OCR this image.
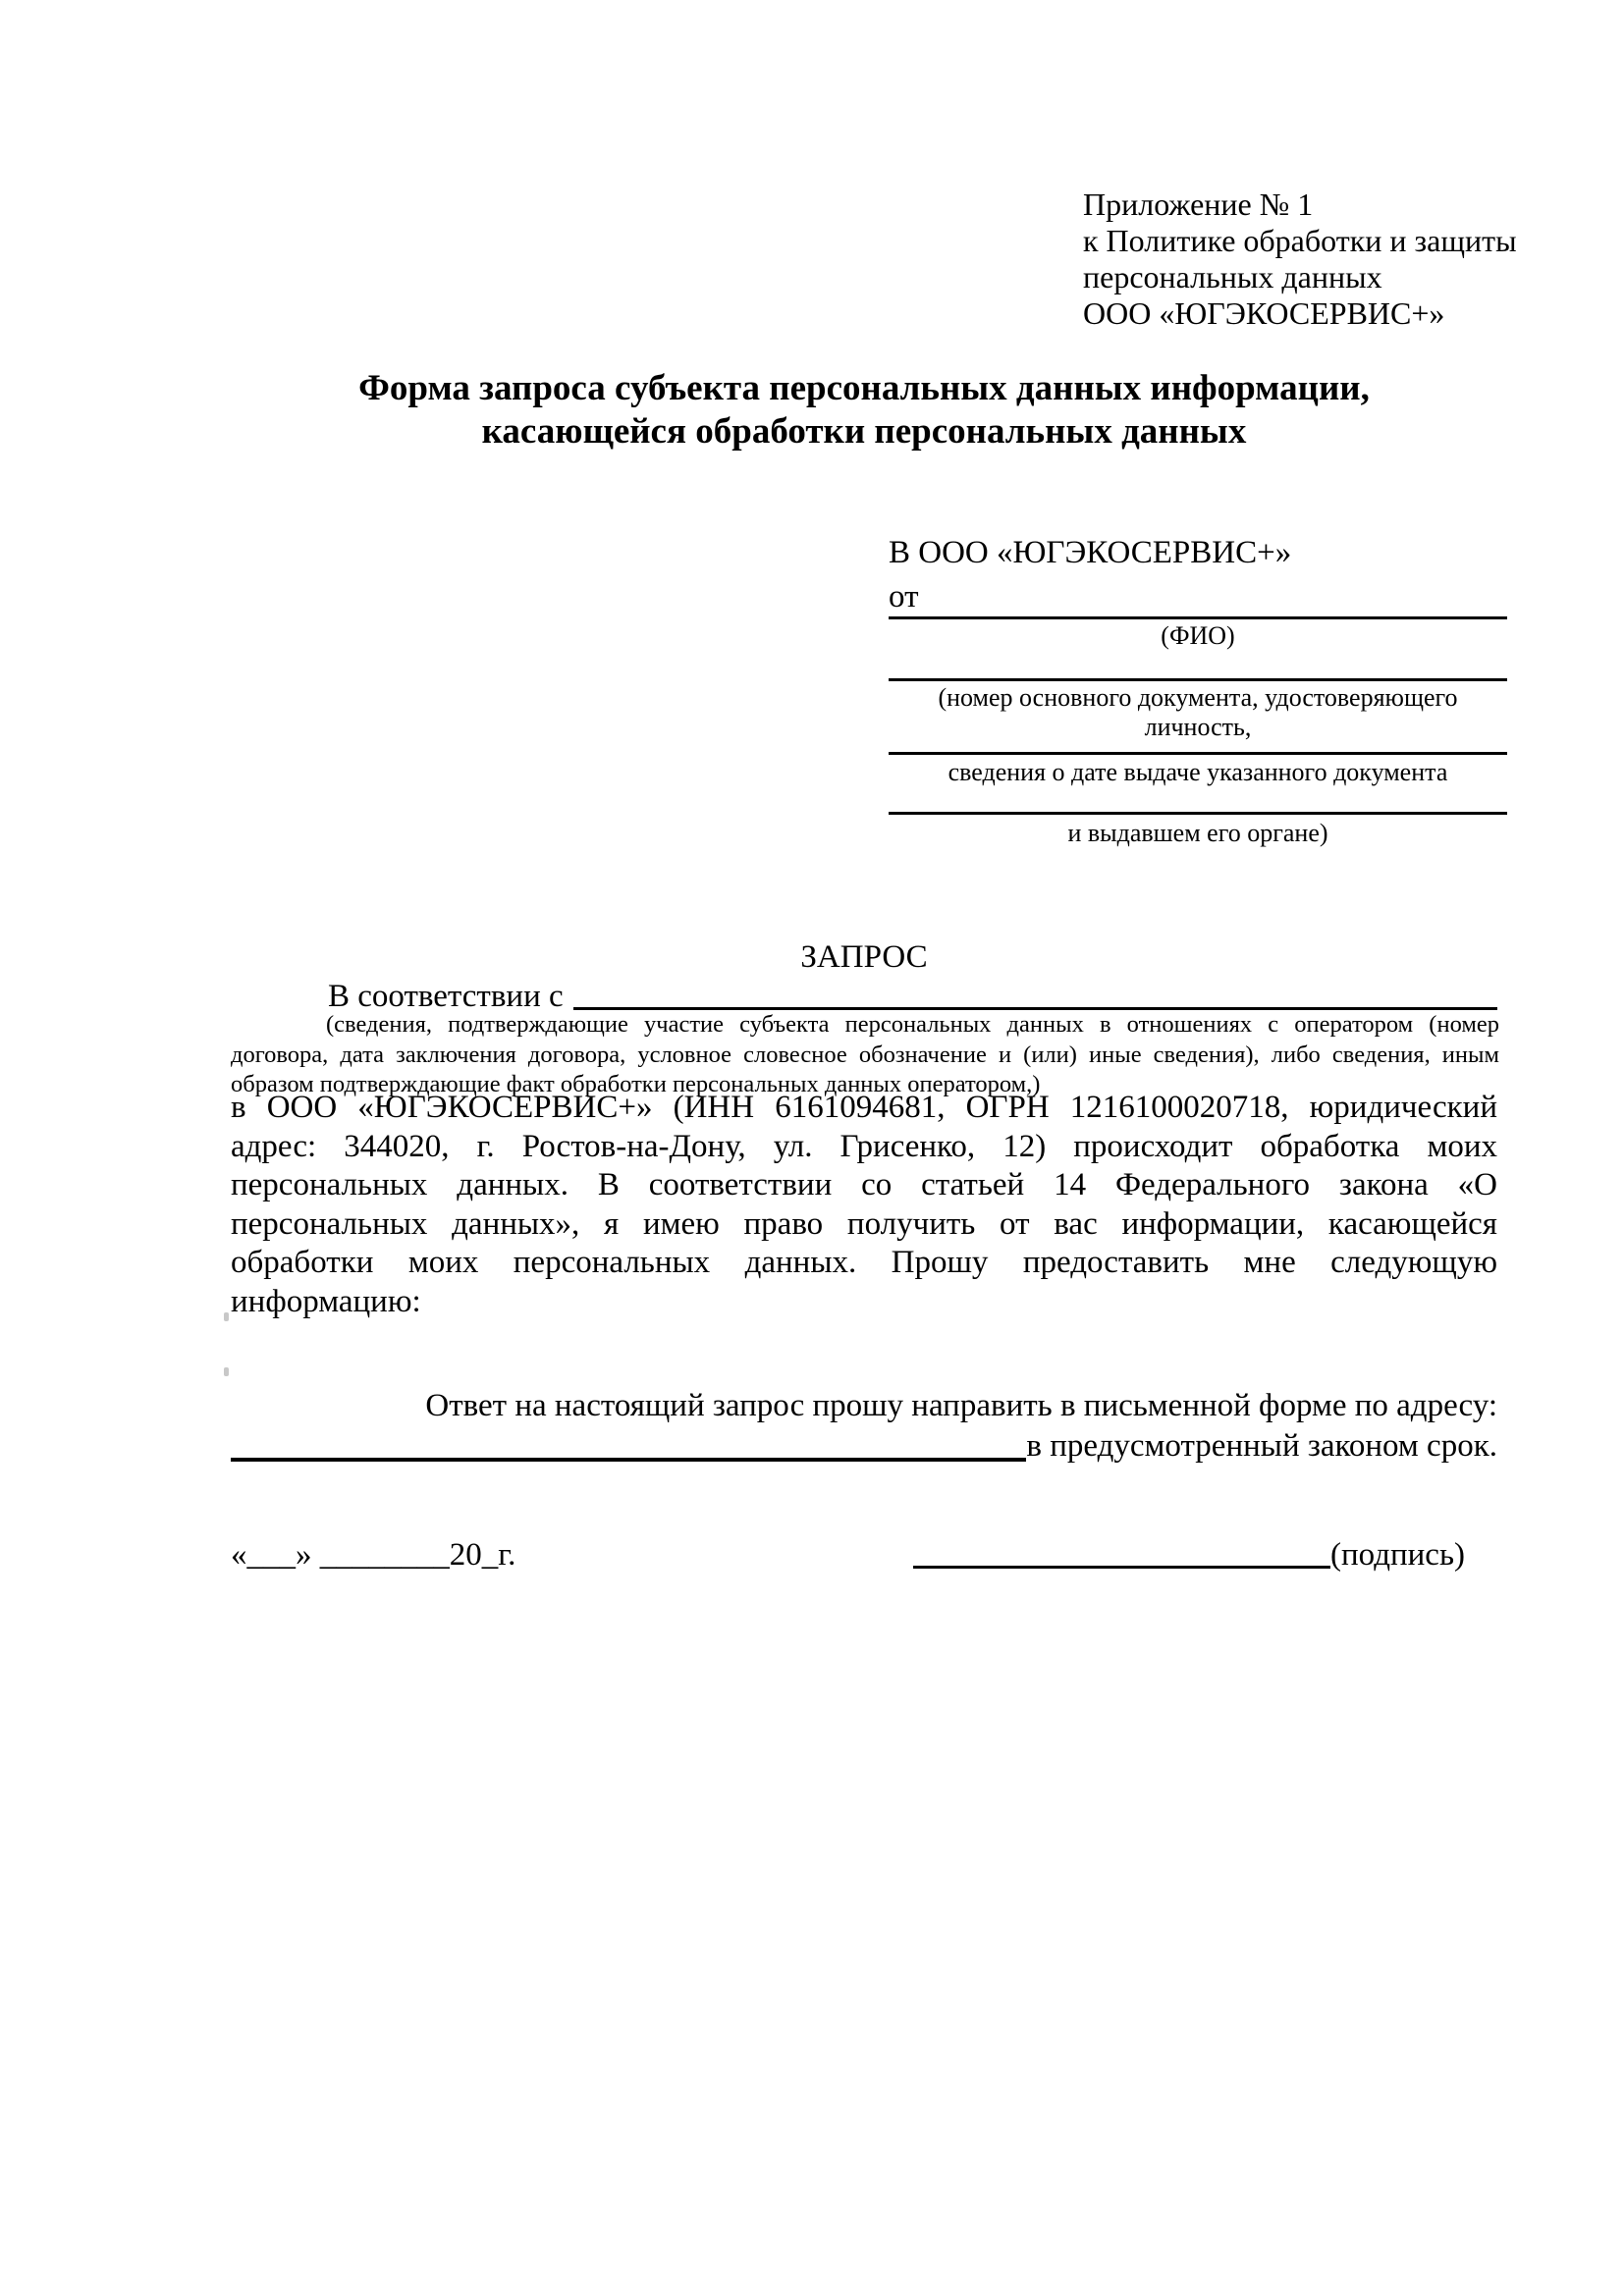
Приложение № 1
к Политике обработки и защиты
персональных данных
ООО «ЮГЭКОСЕРВИС+»
Форма запроса субъекта персональных данных информации,
касающейся обработки персональных данных
В ООО «ЮГЭКОСЕРВИС+»
от
(ФИО)
(номер основного документа, удостоверяющего личность,
сведения о дате выдаче указанного документа
и выдавшем его органе)
ЗАПРОС
В соответствии с
(сведения, подтверждающие участие субъекта персональных данных в отношениях с оператором (номер договора, дата заключения договора, условное словесное обозначение и (или) иные сведения), либо сведения, иным образом подтверждающие факт обработки персональных данных оператором,)
в ООО «ЮГЭКОСЕРВИС+» (ИНН 6161094681, ОГРН 1216100020718, юридический адрес: 344020, г. Ростов-на-Дону, ул. Грисенко, 12) происходит обработка моих персональных данных. В соответствии со статьей 14 Федерального закона «О персональных данных», я имею право получить от вас информации, касающейся обработки моих персональных данных. Прошу предоставить мне следующую информацию:
Ответ на настоящий запрос прошу направить в письменной форме по адресу:
в предусмотренный законом срок.
«___» ________20_г.	(подпись)
